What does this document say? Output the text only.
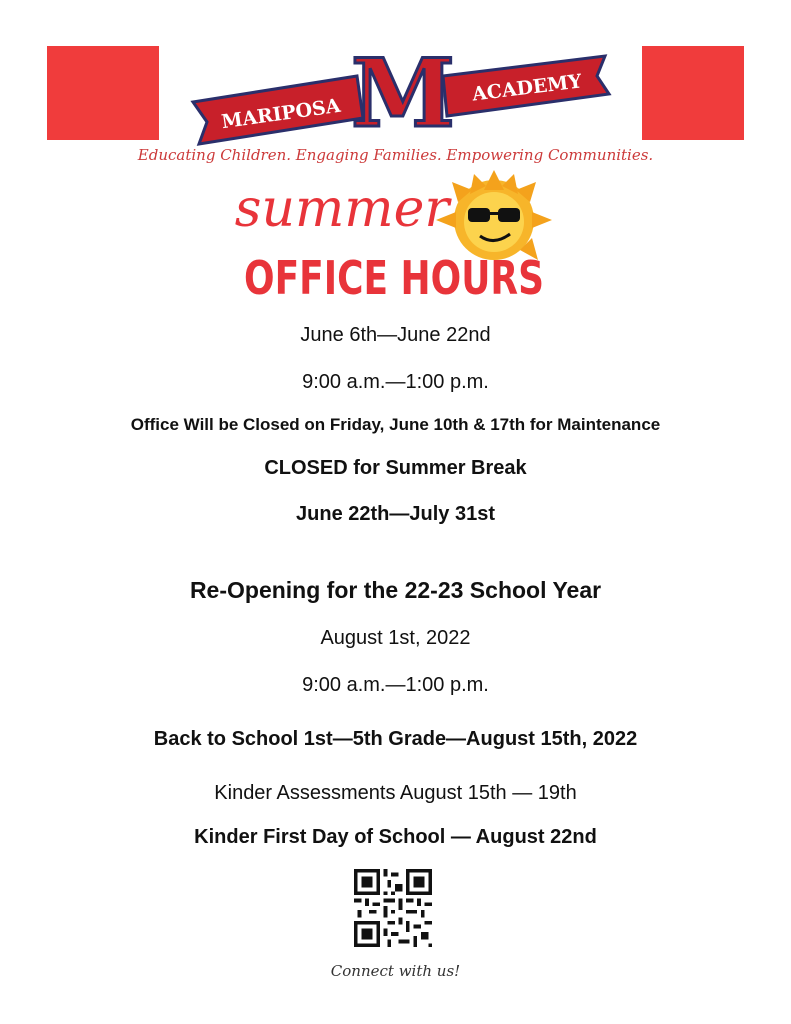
M
MARIPOSA
ACADEMY
Educating Children. Engaging Families. Empowering Communities.
summer
OFFICE HOURS
June 6th—June 22nd
9:00 a.m.—1:00 p.m.
Office Will be Closed on Friday, June 10th & 17th for Maintenance
CLOSED for Summer Break
June 22th—July 31st
Re-Opening for the 22-23 School Year
August 1st, 2022
9:00 a.m.—1:00 p.m.
Back to School 1st—5th Grade—August 15th, 2022
Kinder Assessments August 15th — 19th
Kinder First Day of School — August 22nd
Connect with us!
